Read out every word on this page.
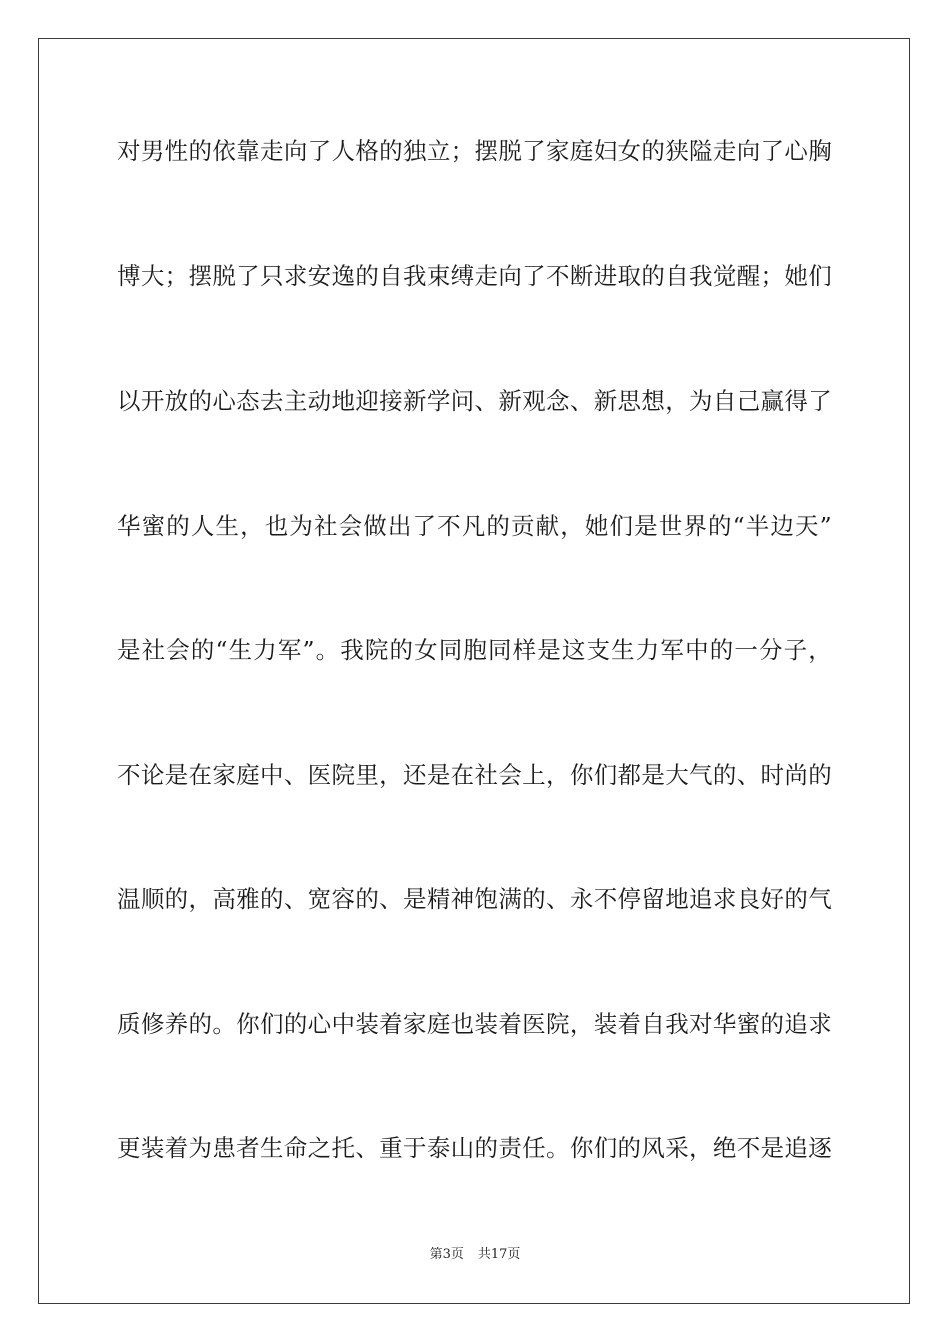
对男性的依靠走向了人格的独立；摆脱了家庭妇女的狭隘走向了心胸
博大；摆脱了只求安逸的自我束缚走向了不断进取的自我觉醒；她们
以开放的心态去主动地迎接新学问、新观念、新思想，为自己赢得了
华蜜的人生，也为社会做出了不凡的贡献，她们是世界的“半边天”
是社会的“生力军”。我院的女同胞同样是这支生力军中的一分子，
不论是在家庭中、医院里，还是在社会上，你们都是大气的、时尚的
温顺的，高雅的、宽容的、是精神饱满的、永不停留地追求良好的气
质修养的。你们的心中装着家庭也装着医院，装着自我对华蜜的追求
更装着为患者生命之托、重于泰山的责任。你们的风采，绝不是追逐
第3页 共17页
